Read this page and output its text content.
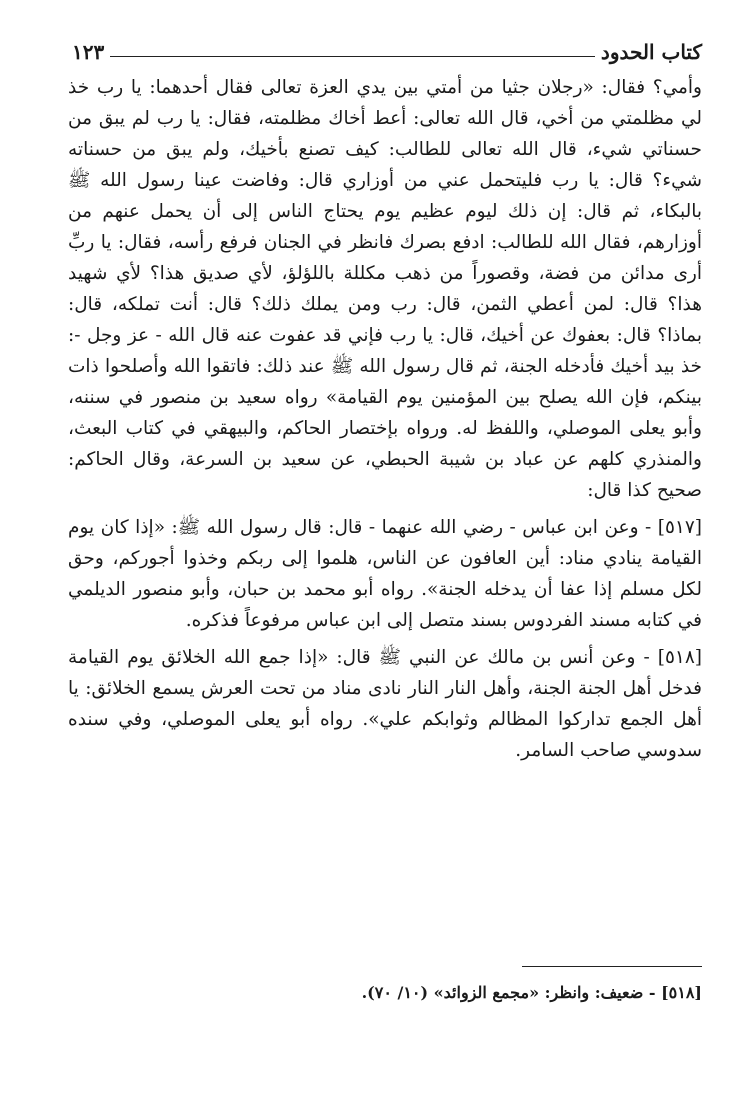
كتاب الحدود
١٢٣

وأمي؟ فقال: «رجلان جثيا من أمتي بين يدي العزة تعالى فقال أحدهما: يا رب خذ لي مظلمتي من أخي، قال الله تعالى: أعط أخاك مظلمته، فقال: يا رب لم يبق من حسناتي شيء، قال الله تعالى للطالب: كيف تصنع بأخيك، ولم يبق من حسناته شيء؟ قال: يا رب فليتحمل عني من أوزاري قال: وفاضت عينا رسول الله ﷺ بالبكاء، ثم قال: إن ذلك ليوم عظيم يوم يحتاج الناس إلى أن يحمل عنهم من أوزارهم، فقال الله للطالب: ادفع بصرك فانظر في الجنان فرفع رأسه، فقال: يا ربِّ أرى مدائن من فضة، وقصوراً من ذهب مكللة باللؤلؤ، لأي صديق هذا؟ لأي شهيد هذا؟ قال: لمن أعطي الثمن، قال: رب ومن يملك ذلك؟ قال: أنت تملكه، قال: بماذا؟ قال: بعفوك عن أخيك، قال: يا رب فإني قد عفوت عنه قال الله - عز وجل -: خذ بيد أخيك فأدخله الجنة، ثم قال رسول الله ﷺ عند ذلك: فاتقوا الله وأصلحوا ذات بينكم، فإن الله يصلح بين المؤمنين يوم القيامة» رواه سعيد بن منصور في سننه، وأبو يعلى الموصلي، واللفظ له. ورواه بإختصار الحاكم، والبيهقي في كتاب البعث، والمنذري كلهم عن عباد بن شيبة الحبطي، عن سعيد بن السرعة، وقال الحاكم: صحيح كذا قال:

[٥١٧] - وعن ابن عباس - رضي الله عنهما - قال: قال رسول الله ﷺ: «إذا كان يوم القيامة ينادي مناد: أين العافون عن الناس، هلموا إلى ربكم وخذوا أجوركم، وحق لكل مسلم إذا عفا أن يدخله الجنة». رواه أبو محمد بن حبان، وأبو منصور الديلمي في كتابه مسند الفردوس بسند متصل إلى ابن عباس مرفوعاً فذكره.

[٥١٨] - وعن أنس بن مالك عن النبي ﷺ قال: «إذا جمع الله الخلائق يوم القيامة فدخل أهل الجنة الجنة، وأهل النار النار نادى مناد من تحت العرش يسمع الخلائق: يا أهل الجمع تداركوا المظالم وثوابكم علي». رواه أبو يعلى الموصلي، وفي سنده سدوسي صاحب السامر.

[٥١٨] - ضعيف: وانظر: «مجمع الزوائد» (١٠/ ٧٠).
